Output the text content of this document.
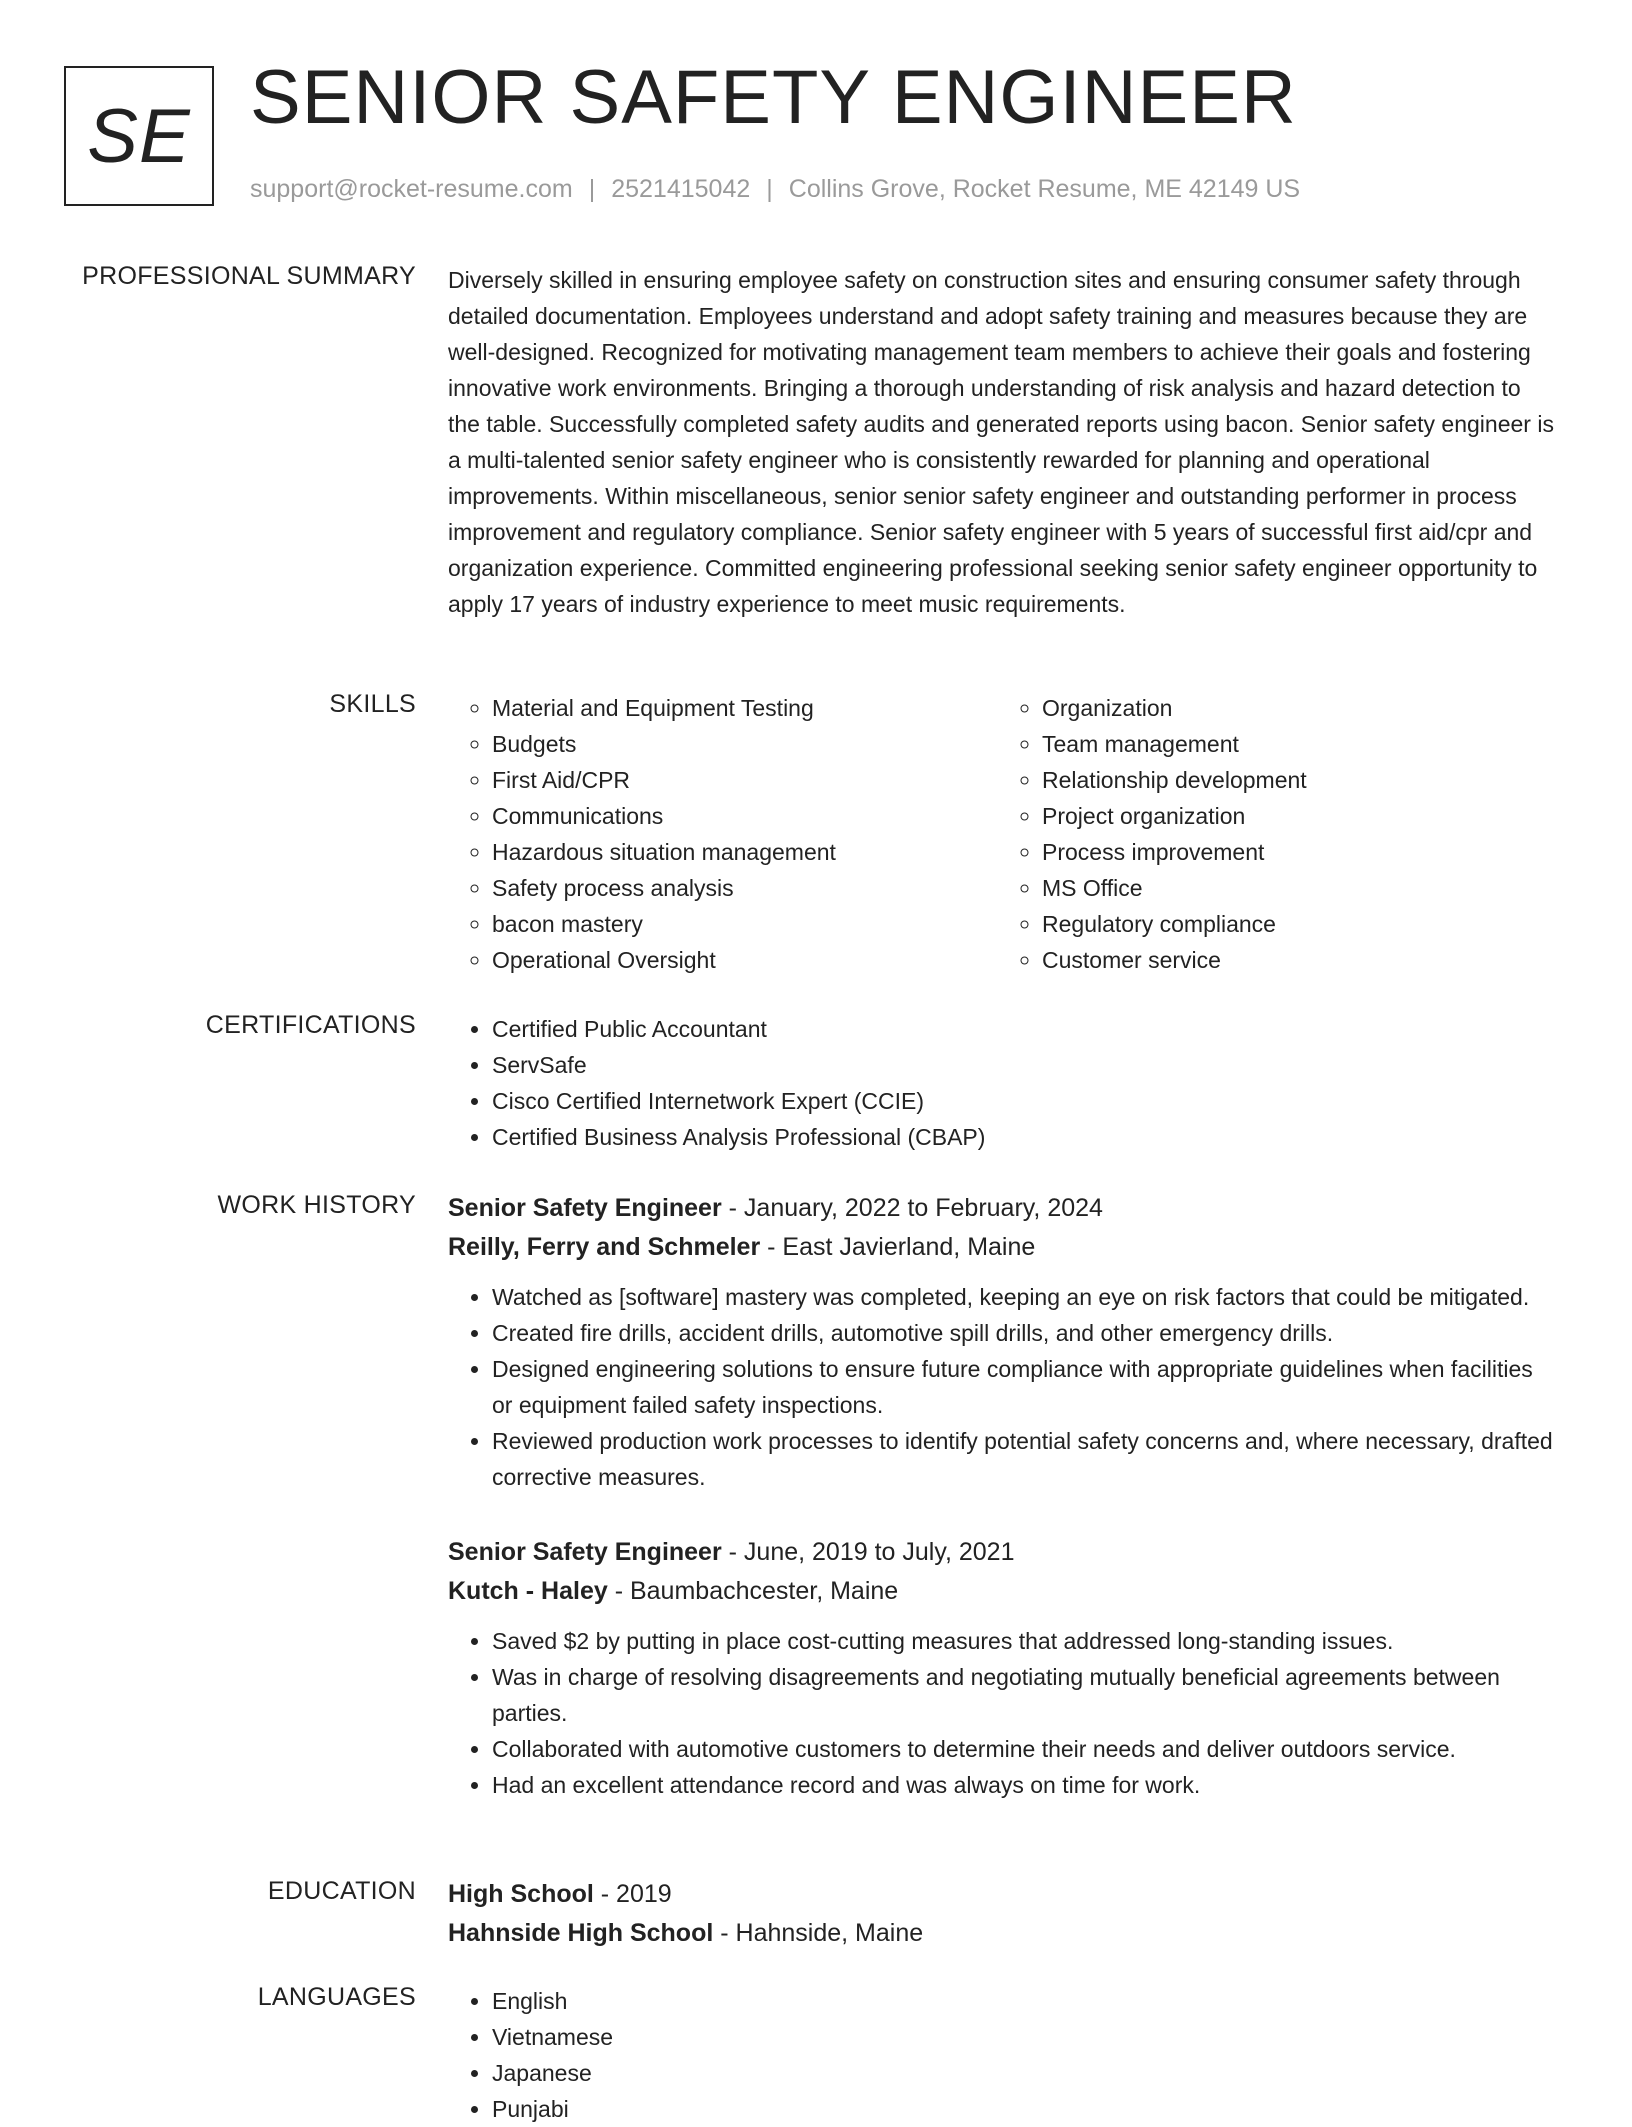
SE SENIOR SAFETY ENGINEER
support@rocket-resume.com | 2521415042 | Collins Grove, Rocket Resume, ME 42149 US
PROFESSIONAL SUMMARY Diversely skilled in ensuring employee safety on construction sites and ensuring consumer safety through detailed documentation. Employees understand and adopt safety training and measures because they are well-designed. Recognized for motivating management team members to achieve their goals and fostering innovative work environments. Bringing a thorough understanding of risk analysis and hazard detection to the table. Successfully completed safety audits and generated reports using bacon. Senior safety engineer is a multi-talented senior safety engineer who is consistently rewarded for planning and operational improvements. Within miscellaneous, senior senior safety engineer and outstanding performer in process improvement and regulatory compliance. Senior safety engineer with 5 years of successful first aid/cpr and organization experience. Committed engineering professional seeking senior safety engineer opportunity to apply 17 years of industry experience to meet music requirements.
SKILLS	◦ Material and Equipment Testing
◦ Budgets
◦ First Aid/CPR
◦ Communications
◦ Hazardous situation management
◦ Safety process analysis
◦ bacon mastery
◦ Operational Oversight
◦ Organization
◦ Team management
◦ Relationship development
◦ Project organization
◦ Process improvement
◦ MS Office
◦ Regulatory compliance
◦ Customer service
CERTIFICATIONS	• Certified Public Accountant
• ServSafe
• Cisco Certified Internetwork Expert (CCIE)
• Certified Business Analysis Professional (CBAP)
WORK HISTORY Senior Safety Engineer - January, 2022 to February, 2024
Reilly, Ferry and Schmeler - East Javierland, Maine
• Watched as [software] mastery was completed, keeping an eye on risk factors that could be mitigated.
• Created fire drills, accident drills, automotive spill drills, and other emergency drills.
• Designed engineering solutions to ensure future compliance with appropriate guidelines when facilities or equipment failed safety inspections.
• Reviewed production work processes to identify potential safety concerns and, where necessary, drafted corrective measures.
Senior Safety Engineer - June, 2019 to July, 2021
Kutch - Haley - Baumbachcester, Maine
• Saved $2 by putting in place cost-cutting measures that addressed long-standing issues.
• Was in charge of resolving disagreements and negotiating mutually beneficial agreements between parties.
• Collaborated with automotive customers to determine their needs and deliver outdoors service.
• Had an excellent attendance record and was always on time for work.
EDUCATION High School - 2019
Hahnside High School - Hahnside, Maine
LANGUAGES	• English
• Vietnamese
• Japanese
• Punjabi
